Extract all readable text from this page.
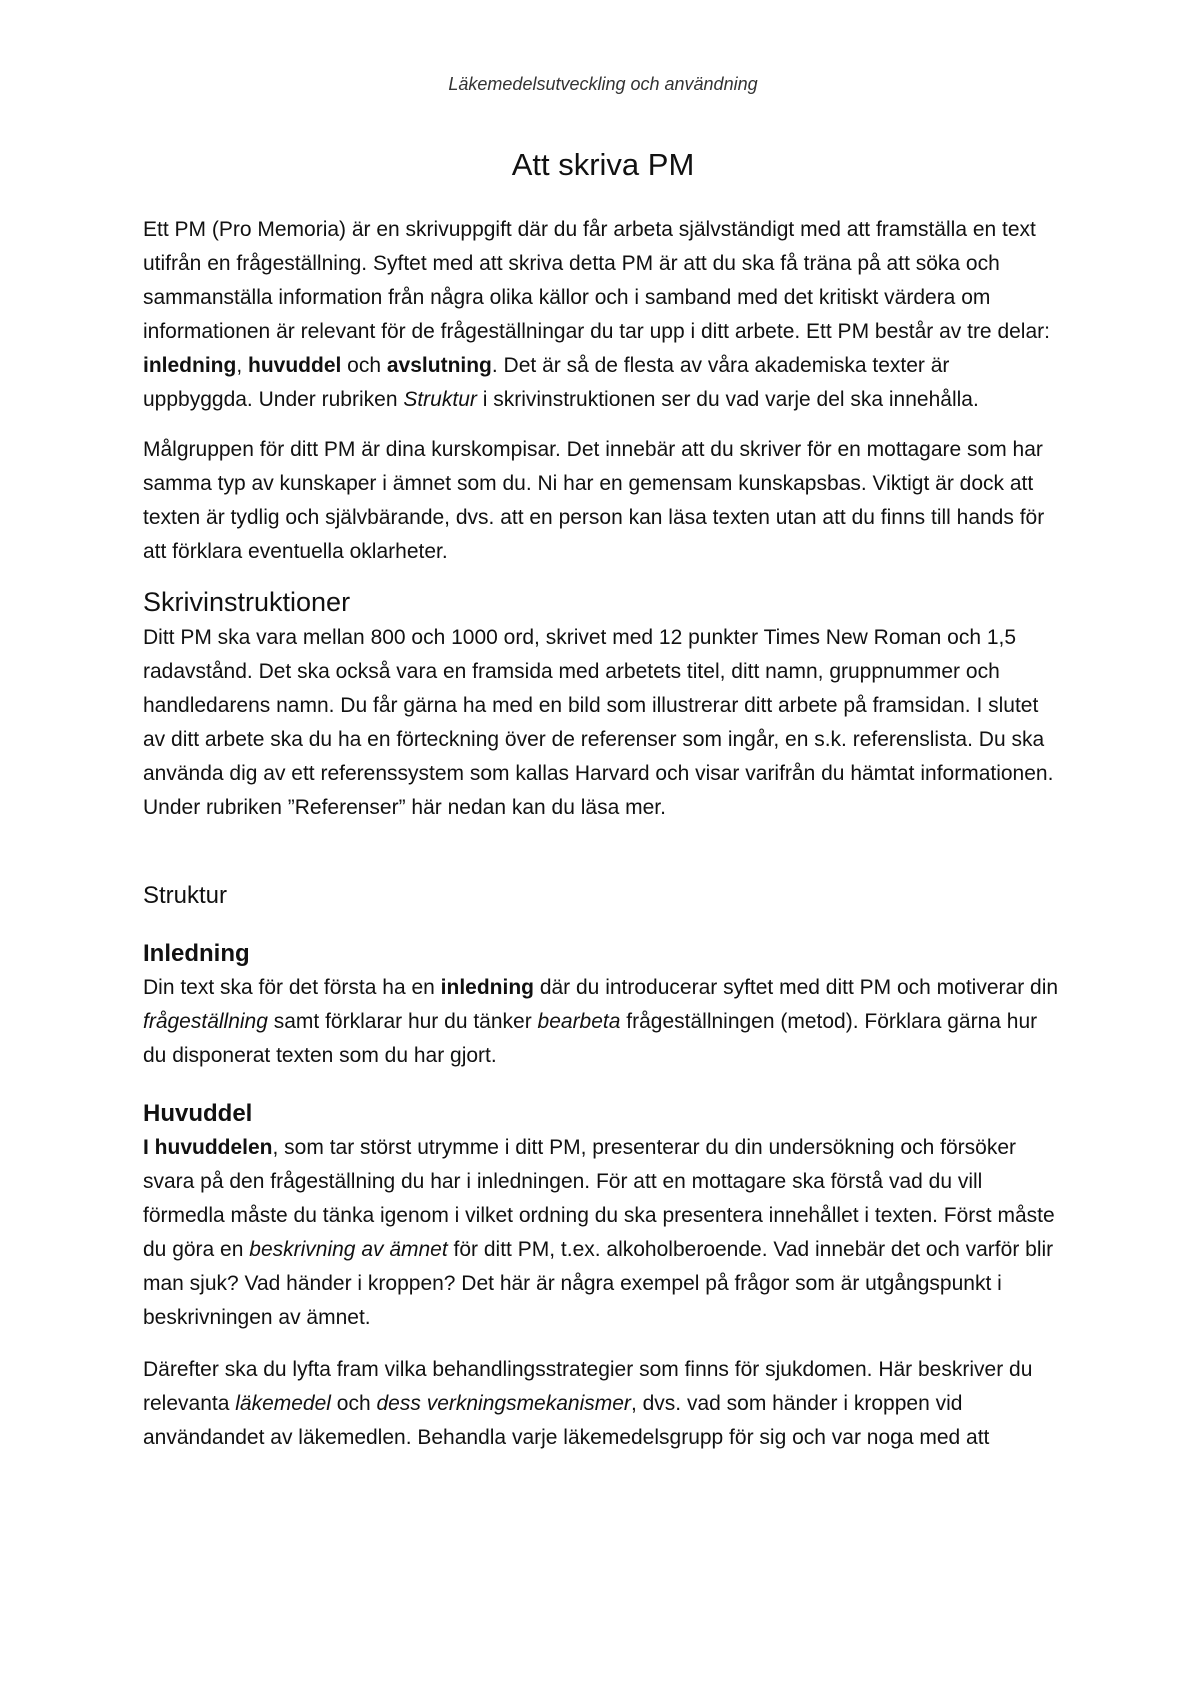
Läkemedelsutveckling och användning
Att skriva PM

Ett PM (Pro Memoria) är en skrivuppgift där du får arbeta självständigt med att framställa en text utifrån en frågeställning. Syftet med att skriva detta PM är att du ska få träna på att söka och sammanställa information från några olika källor och i samband med det kritiskt värdera om informationen är relevant för de frågeställningar du tar upp i ditt arbete. Ett PM består av tre delar: inledning, huvuddel och avslutning. Det är så de flesta av våra akademiska texter är uppbyggda. Under rubriken Struktur i skrivinstruktionen ser du vad varje del ska innehålla.

Målgruppen för ditt PM är dina kurskompisar. Det innebär att du skriver för en mottagare som har samma typ av kunskaper i ämnet som du. Ni har en gemensam kunskapsbas. Viktigt är dock att texten är tydlig och självbärande, dvs. att en person kan läsa texten utan att du finns till hands för att förklara eventuella oklarheter.

Skrivinstruktioner

Ditt PM ska vara mellan 800 och 1000 ord, skrivet med 12 punkter Times New Roman och 1,5 radavstånd. Det ska också vara en framsida med arbetets titel, ditt namn, gruppnummer och handledarens namn. Du får gärna ha med en bild som illustrerar ditt arbete på framsidan. I slutet av ditt arbete ska du ha en förteckning över de referenser som ingår, en s.k. referenslista. Du ska använda dig av ett referenssystem som kallas Harvard och visar varifrån du hämtat informationen. Under rubriken ”Referenser” här nedan kan du läsa mer.

Struktur
Inledning

Din text ska för det första ha en inledning där du introducerar syftet med ditt PM och motiverar din frågeställning samt förklarar hur du tänker bearbeta frågeställningen (metod). Förklara gärna hur du disponerat texten som du har gjort.

Huvuddel

I huvuddelen, som tar störst utrymme i ditt PM, presenterar du din undersökning och försöker svara på den frågeställning du har i inledningen. För att en mottagare ska förstå vad du vill förmedla måste du tänka igenom i vilket ordning du ska presentera innehållet i texten. Först måste du göra en beskrivning av ämnet för ditt PM, t.ex. alkoholberoende. Vad innebär det och varför blir man sjuk? Vad händer i kroppen? Det här är några exempel på frågor som är utgångspunkt i beskrivningen av ämnet.

Därefter ska du lyfta fram vilka behandlingsstrategier som finns för sjukdomen. Här beskriver du relevanta läkemedel och dess verkningsmekanismer, dvs. vad som händer i kroppen vid användandet av läkemedlen. Behandla varje läkemedelsgrupp för sig och var noga med att
